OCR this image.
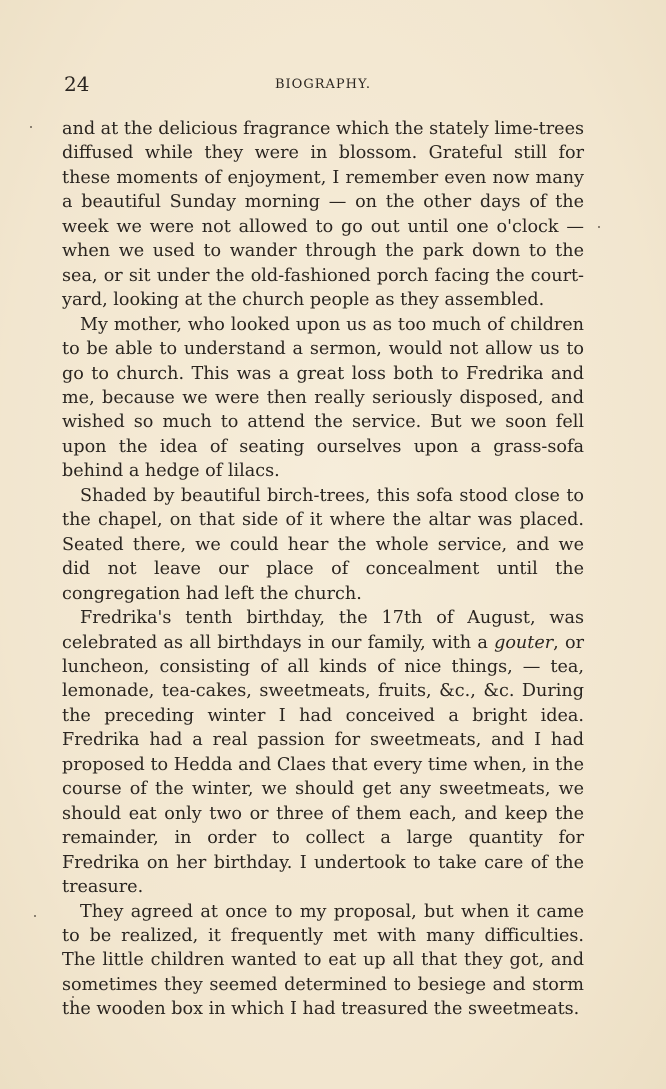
24	BIOGRAPHY.

and at the delicious fragrance which the stately lime-trees diffused while they were in blossom. Grateful still for these moments of enjoyment, I remember even now many a beautiful Sunday morning — on the other days of the week we were not allowed to go out until one o'clock — when we used to wander through the park down to the sea, or sit under the old-fashioned porch facing the court-yard, looking at the church people as they assembled.

My mother, who looked upon us as too much of children to be able to understand a sermon, would not allow us to go to church. This was a great loss both to Fredrika and me, because we were then really seriously disposed, and wished so much to attend the service. But we soon fell upon the idea of seating ourselves upon a grass-sofa behind a hedge of lilacs.

Shaded by beautiful birch-trees, this sofa stood close to the chapel, on that side of it where the altar was placed. Seated there, we could hear the whole service, and we did not leave our place of concealment until the congregation had left the church.

Fredrika's tenth birthday, the 17th of August, was celebrated as all birthdays in our family, with a gouter, or luncheon, consisting of all kinds of nice things, — tea, lemonade, tea-cakes, sweetmeats, fruits, &c., &c. During the preceding winter I had conceived a bright idea. Fredrika had a real passion for sweetmeats, and I had proposed to Hedda and Claes that every time when, in the course of the winter, we should get any sweetmeats, we should eat only two or three of them each, and keep the remainder, in order to collect a large quantity for Fredrika on her birthday. I undertook to take care of the treasure.

They agreed at once to my proposal, but when it came to be realized, it frequently met with many difficulties. The little children wanted to eat up all that they got, and sometimes they seemed determined to besiege and storm the wooden box in which I had treasured the sweetmeats.
